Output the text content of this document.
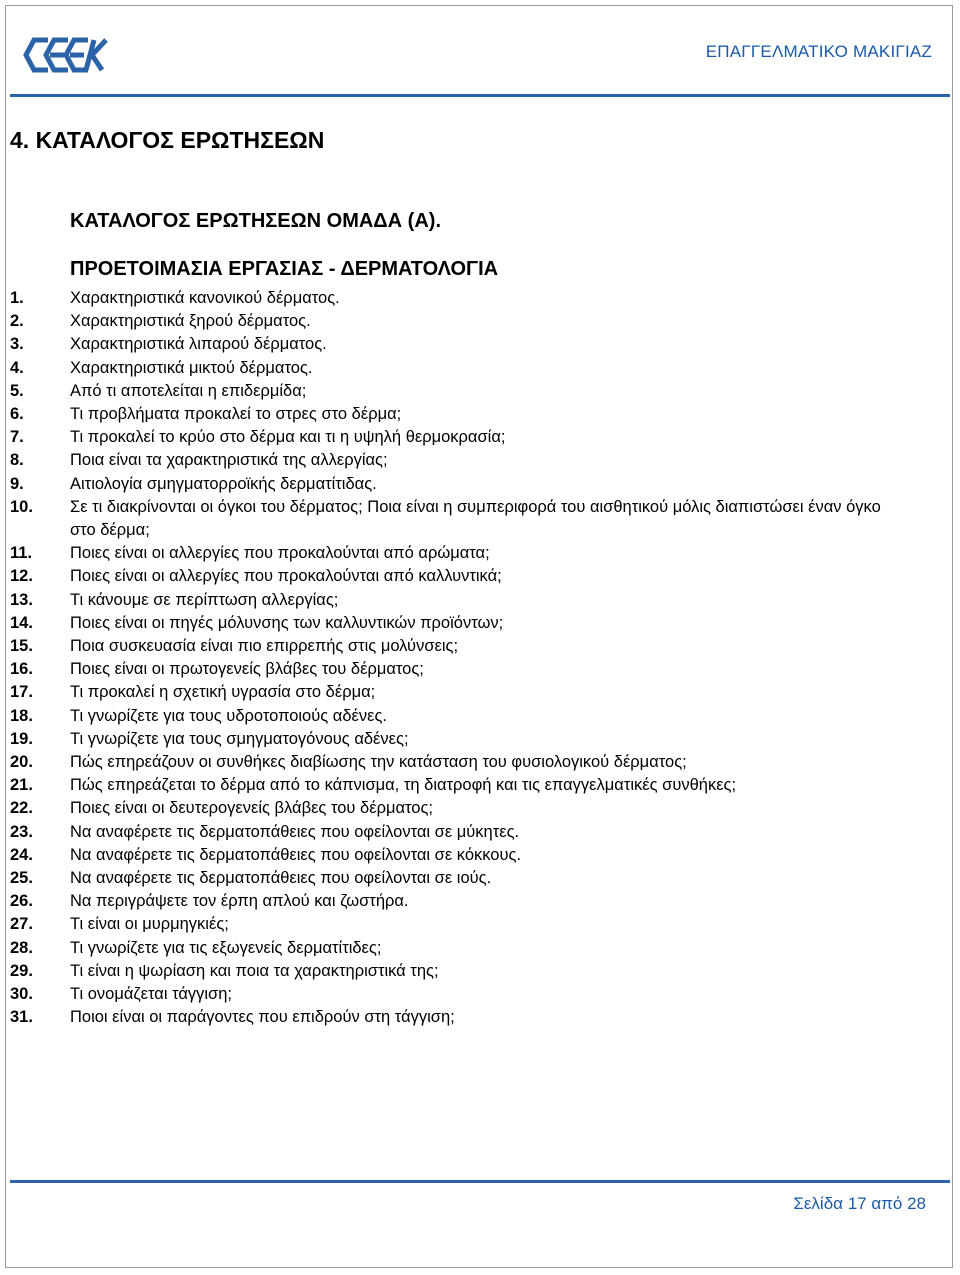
ΕΠΑΓΓΕΛΜΑΤΙΚΟ ΜΑΚΙΓΙΑΖ
4. ΚΑΤΑΛΟΓΟΣ ΕΡΩΤΗΣΕΩΝ
ΚΑΤΑΛΟΓΟΣ ΕΡΩΤΗΣΕΩΝ ΟΜΑΔΑ (Α).
ΠΡΟΕΤΟΙΜΑΣΙΑ ΕΡΓΑΣΙΑΣ - ΔΕΡΜΑΤΟΛΟΓΙΑ
1.	Χαρακτηριστικά κανονικού δέρματος.
2.	Χαρακτηριστικά ξηρού δέρματος.
3.	Χαρακτηριστικά λιπαρού δέρματος.
4.	Χαρακτηριστικά μικτού δέρματος.
5.	Από τι αποτελείται η επιδερμίδα;
6.	Τι προβλήματα προκαλεί το στρες στο δέρμα;
7.	Τι προκαλεί το κρύο στο δέρμα και τι η υψηλή θερμοκρασία;
8.	Ποια είναι τα χαρακτηριστικά της αλλεργίας;
9.	Αιτιολογία σμηγματορροϊκής δερματίτιδας.
10.	Σε τι διακρίνονται οι όγκοι του δέρματος; Ποια είναι η συμπεριφορά του αισθητικού μόλις διαπιστώσει έναν όγκο στο δέρμα;
11.	Ποιες είναι οι αλλεργίες που προκαλούνται από αρώματα;
12.	Ποιες είναι οι αλλεργίες που προκαλούνται από καλλυντικά;
13.	Τι κάνουμε σε περίπτωση αλλεργίας;
14.	Ποιες είναι οι πηγές μόλυνσης των καλλυντικών προϊόντων;
15.	Ποια συσκευασία είναι πιο επιρρεπής στις μολύνσεις;
16.	Ποιες είναι οι πρωτογενείς βλάβες του δέρματος;
17.	Τι προκαλεί η σχετική υγρασία στο δέρμα;
18.	Τι γνωρίζετε για τους υδροτοποιούς αδένες.
19.	Τι γνωρίζετε για τους σμηγματογόνους αδένες;
20.	Πώς επηρεάζουν οι συνθήκες διαβίωσης την κατάσταση του φυσιολογικού δέρματος;
21.	Πώς επηρεάζεται το δέρμα από το κάπνισμα, τη διατροφή και τις επαγγελματικές συνθήκες;
22.	Ποιες είναι οι δευτερογενείς βλάβες του δέρματος;
23.	Να αναφέρετε τις δερματοπάθειες που οφείλονται σε μύκητες.
24.	Να αναφέρετε τις δερματοπάθειες που οφείλονται σε κόκκους.
25.	Να αναφέρετε τις δερματοπάθειες που οφείλονται σε ιούς.
26.	Να περιγράψετε τον έρπη απλού και ζωστήρα.
27.	Τι είναι οι μυρμηγκιές;
28.	Τι γνωρίζετε για τις εξωγενείς δερματίτιδες;
29.	Τι είναι η ψωρίαση και ποια τα χαρακτηριστικά της;
30.	Τι ονομάζεται τάγγιση;
31.	Ποιοι είναι οι παράγοντες που επιδρούν στη τάγγιση;
Σελίδα 17 από 28
